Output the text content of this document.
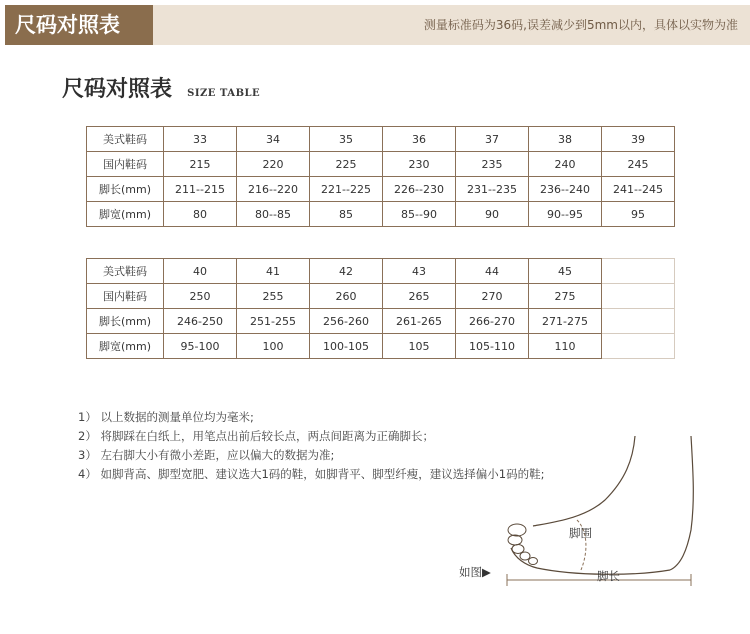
尺码对照表	测量标准码为36码,误差减少到5mm以内，具体以实物为准
尺码对照表 SIZE TABLE
美式鞋码	33	34	35	36	37	38	39
国内鞋码	215	220	225	230	235	240	245
脚长(mm)	211--215	216--220	221--225	226--230	231--235	236--240	241--245
脚宽(mm)	80	80--85	85	85--90	90	90--95	95
美式鞋码	40	41	42	43	44	45	
国内鞋码	250	255	260	265	270	275	
脚长(mm)	246-250	251-255	256-260	261-265	266-270	271-275	
脚宽(mm)	95-100	100	100-105	105	105-110	110	
1） 以上数据的测量单位均为毫米;
2） 将脚踩在白纸上，用笔点出前后较长点，两点间距离为正确脚长；
3） 左右脚大小有微小差距，应以偏大的数据为准;
4） 如脚背高、脚型宽肥、建议选大1码的鞋，如脚背平、脚型纤瘦，建议选择偏小1码的鞋;
脚围
脚长
如图▶
